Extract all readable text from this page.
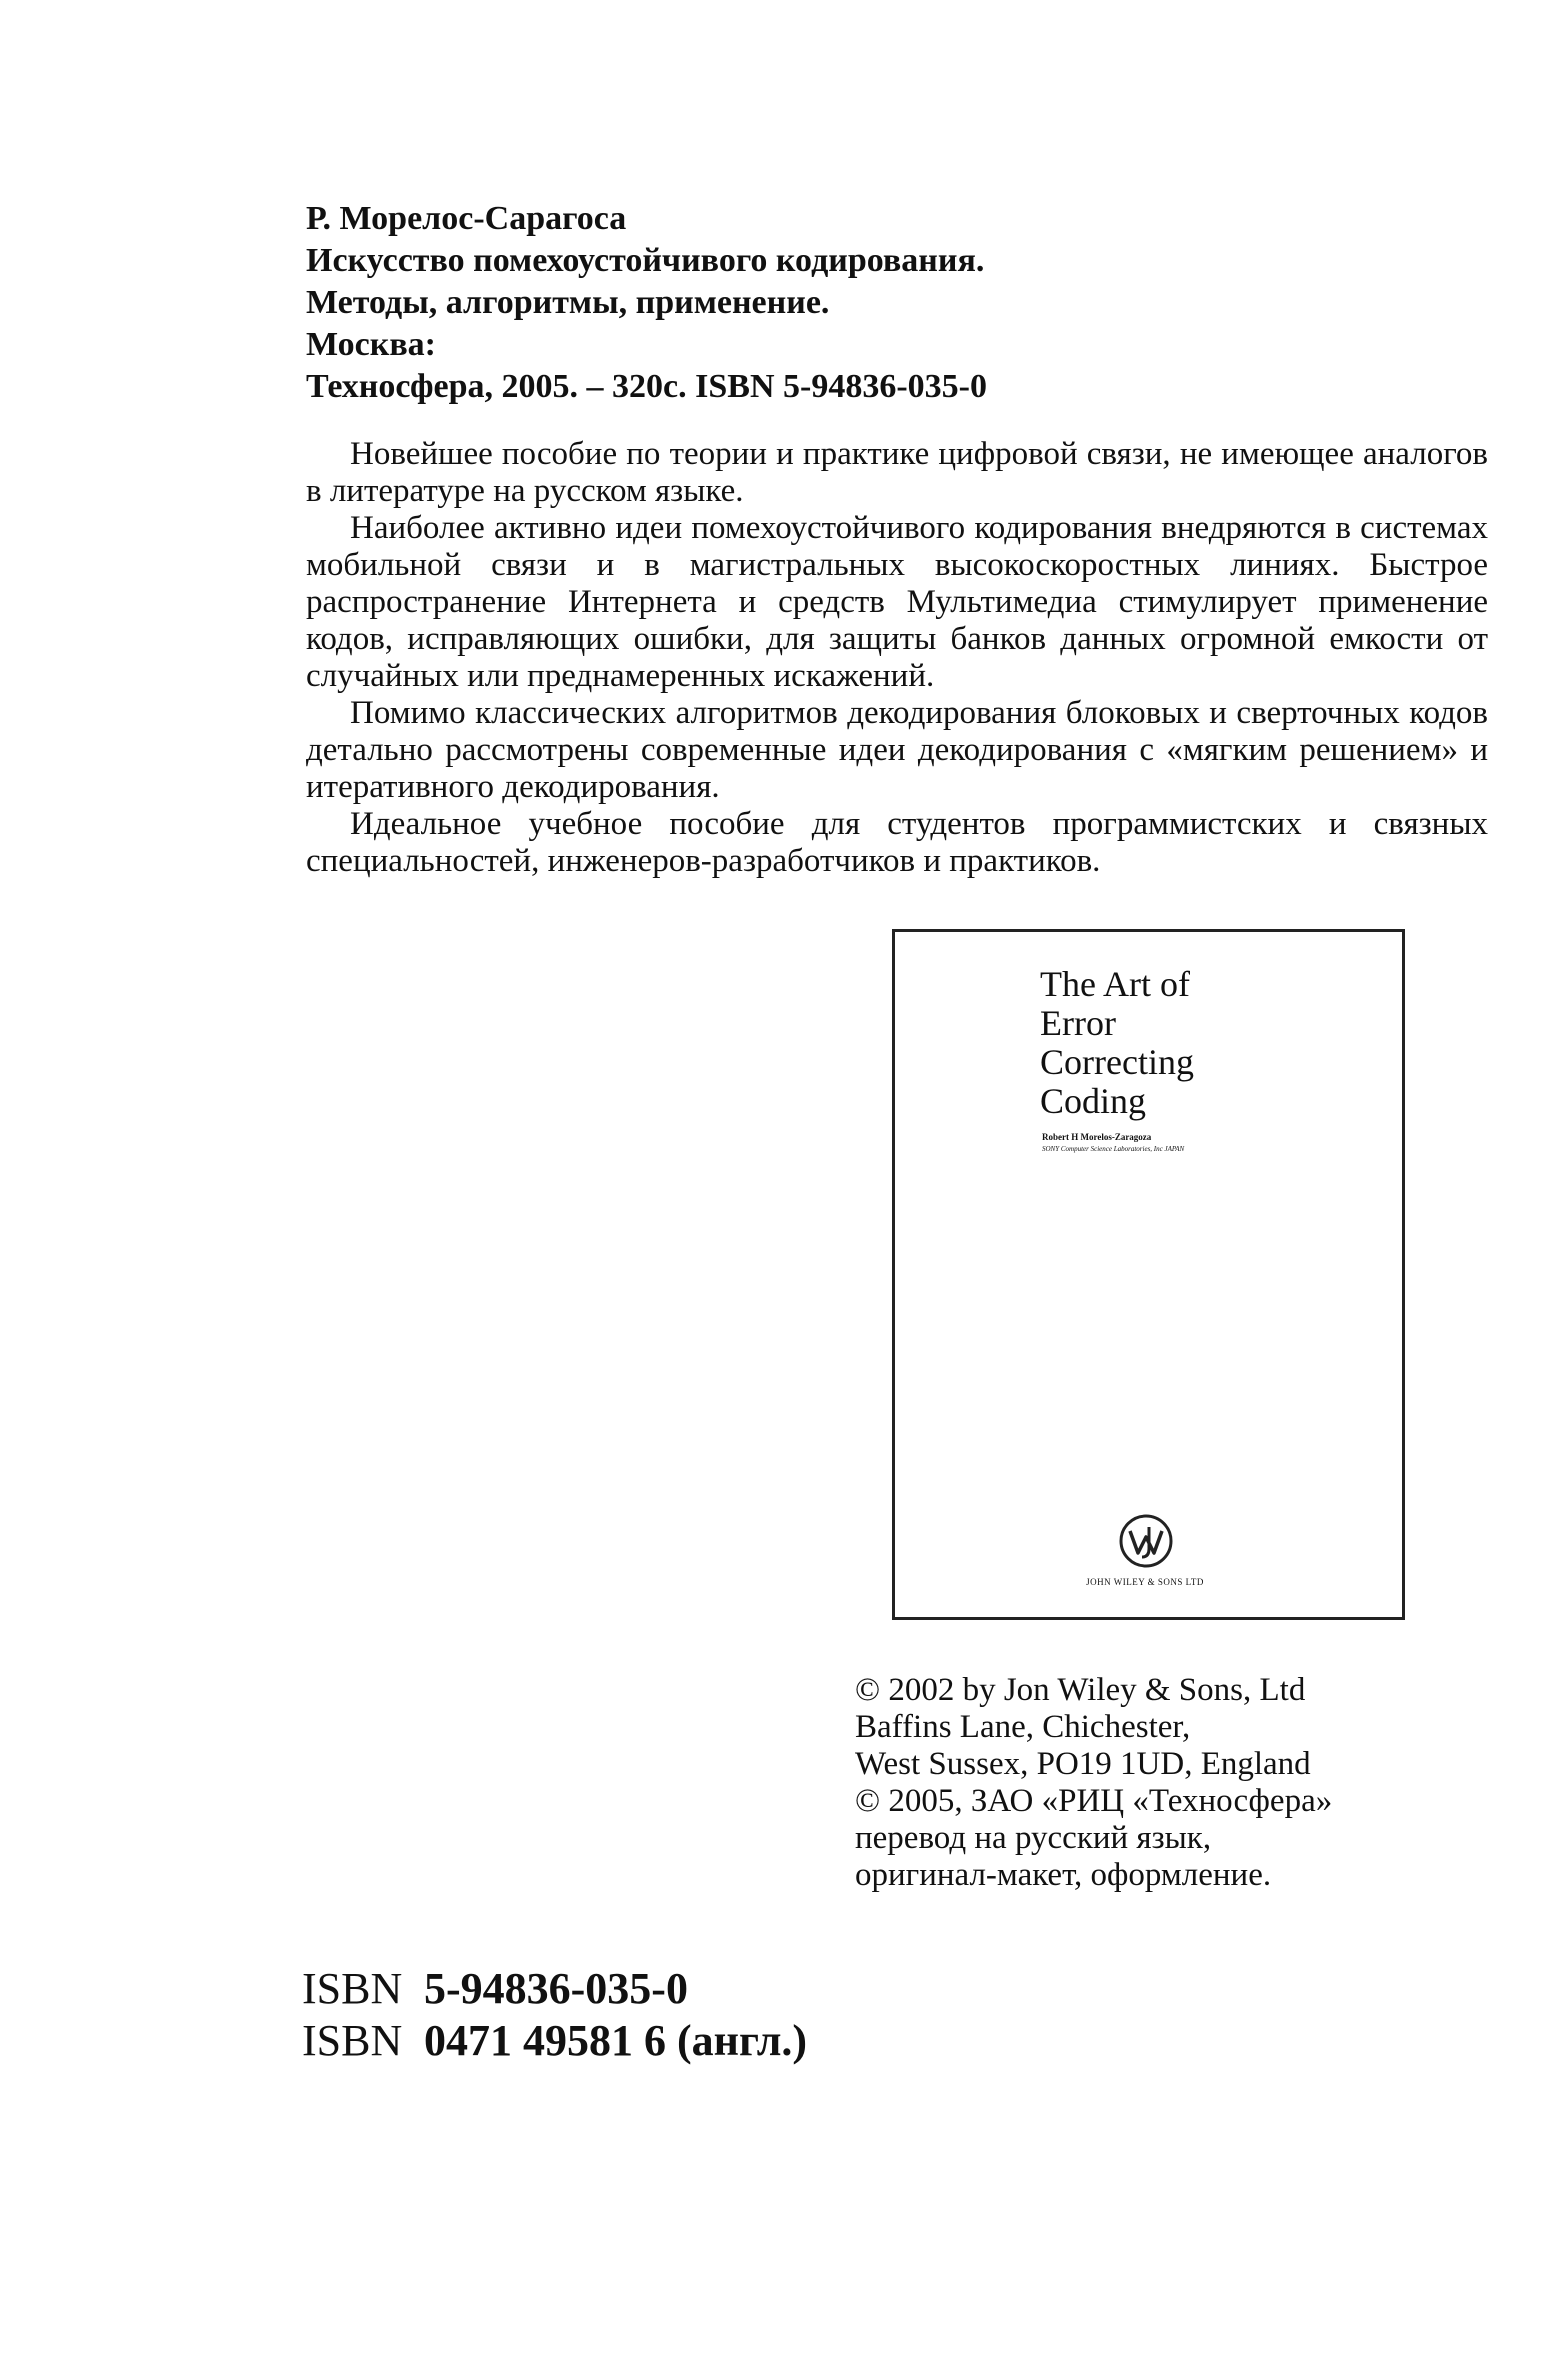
Р. Морелос-Сарагоса
Искусство помехоустойчивого кодирования.
Методы, алгоритмы, применение.
Москва:
Техносфера, 2005. – 320с. ISBN 5-94836-035-0

Новейшее пособие по теории и практике цифровой связи, не имеющее аналогов в литературе на русском языке.

Наиболее активно идеи помехоустойчивого кодирования внедряются в системах мобильной связи и в магистральных высокоскоростных линиях. Быстрое распространение Интернета и средств Мультимедиа стимулирует применение кодов, исправляющих ошибки, для защиты банков данных огромной емкости от случайных или преднамеренных искажений.

Помимо классических алгоритмов декодирования блоковых и сверточных кодов детально рассмотрены современные идеи декодирования с «мягким решением» и итеративного декодирования.

Идеальное учебное пособие для студентов программистских и связных специальностей, инженеров-разработчиков и практиков.

The Art of
Error
Correcting
Coding
Robert H Morelos-Zaragoza
SONY Computer Science Laboratories, Inc JAPAN
JOHN WILEY & SONS LTD
© 2002 by Jon Wiley & Sons, Ltd
Baffins Lane, Chichester,
West Sussex, PO19 1UD, England
© 2005, ЗАО «РИЦ «Техносфера»
перевод на русский язык,
оригинал-макет, оформление.
ISBN 5-94836-035-0
ISBN 0471 49581 6 (англ.)
